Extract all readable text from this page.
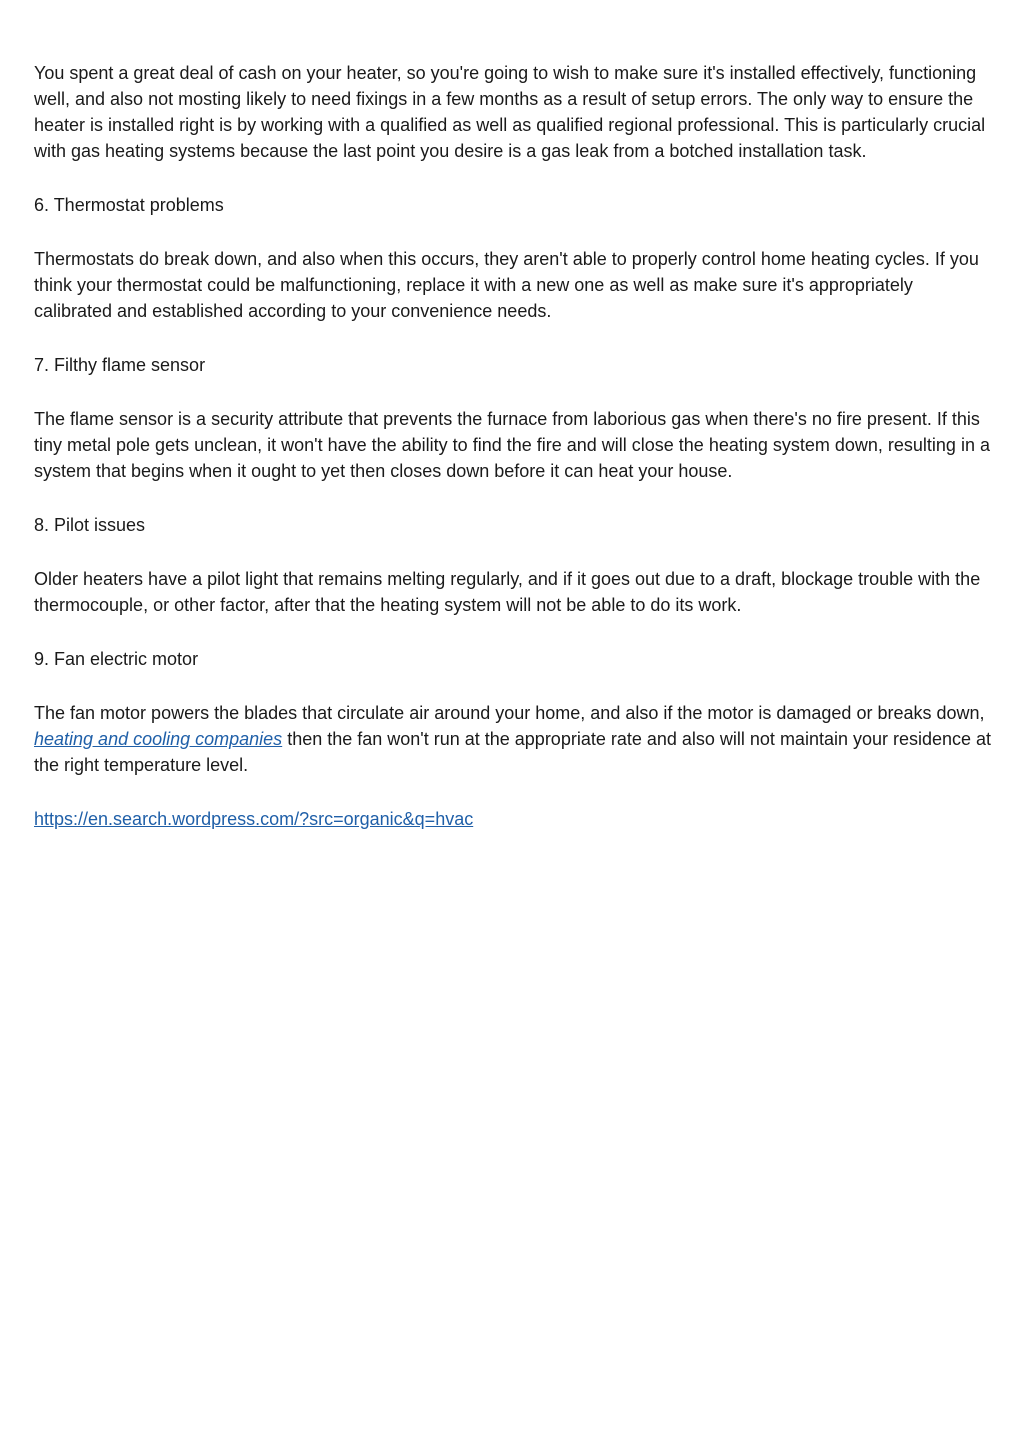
You spent a great deal of cash on your heater, so you're going to wish to make sure it's installed effectively, functioning well, and also not mosting likely to need fixings in a few months as a result of setup errors. The only way to ensure the heater is installed right is by working with a qualified as well as qualified regional professional. This is particularly crucial with gas heating systems because the last point you desire is a gas leak from a botched installation task.

6. Thermostat problems

Thermostats do break down, and also when this occurs, they aren't able to properly control home heating cycles. If you think your thermostat could be malfunctioning, replace it with a new one as well as make sure it's appropriately calibrated and established according to your convenience needs.

7. Filthy flame sensor

The flame sensor is a security attribute that prevents the furnace from laborious gas when there's no fire present. If this tiny metal pole gets unclean, it won't have the ability to find the fire and will close the heating system down, resulting in a system that begins when it ought to yet then closes down before it can heat your house.

8. Pilot issues

Older heaters have a pilot light that remains melting regularly, and if it goes out due to a draft, blockage trouble with the thermocouple, or other factor, after that the heating system will not be able to do its work.

9. Fan electric motor

The fan motor powers the blades that circulate air around your home, and also if the motor is damaged or breaks down, heating and cooling companies then the fan won't run at the appropriate rate and also will not maintain your residence at the right temperature level.

https://en.search.wordpress.com/?src=organic&q=hvac
